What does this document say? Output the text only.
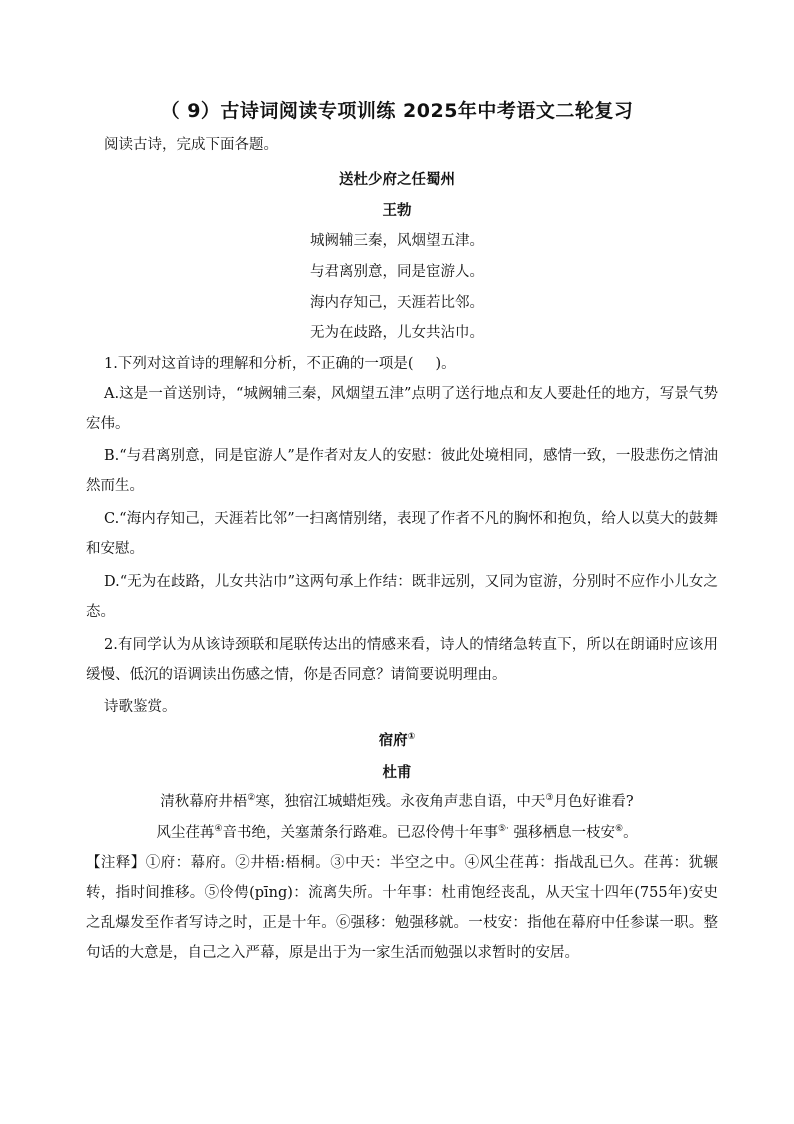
（ 9）古诗词阅读专项训练 2025年中考语文二轮复习
阅读古诗，完成下面各题。
送杜少府之任蜀州
王勃
城阙辅三秦，风烟望五津。
与君离别意，同是宦游人。
海内存知己，天涯若比邻。
无为在歧路，儿女共沾巾。
1.下列对这首诗的理解和分析，不正确的一项是( )。
A.这是一首送别诗，“城阙辅三秦，风烟望五津”点明了送行地点和友人要赴任的地方，写景气势宏伟。
B.“与君离别意，同是宦游人”是作者对友人的安慰：彼此处境相同，感情一致，一股悲伤之情油然而生。
C.“海内存知己，天涯若比邻”一扫离情别绪，表现了作者不凡的胸怀和抱负，给人以莫大的鼓舞和安慰。
D.“无为在歧路，儿女共沾巾”这两句承上作结：既非远别，又同为宦游，分别时不应作小儿女之态。
2.有同学认为从该诗颈联和尾联传达出的情感来看，诗人的情绪急转直下，所以在朗诵时应该用缓慢、低沉的语调读出伤感之情，你是否同意？请简要说明理由。
诗歌鉴赏。
宿府①
杜甫
清秋幕府井梧②寒，独宿江城蜡炬残。永夜角声悲自语，中天③月色好谁看?
风尘荏苒④音书绝，关塞萧条行路难。已忍伶俜十年事⑤· 强移栖息一枝安⑥。
【注释】①府：幕府。②井梧:梧桐。③中天：半空之中。④风尘荏苒：指战乱已久。荏苒：犹辗转，指时间推移。⑤伶俜(pīng)：流离失所。十年事：杜甫饱经丧乱，从天宝十四年(755年)安史之乱爆发至作者写诗之时，正是十年。⑥强移：勉强移就。一枝安：指他在幕府中任参谋一职。整句话的大意是，自己之入严幕，原是出于为一家生活而勉强以求暂时的安居。
